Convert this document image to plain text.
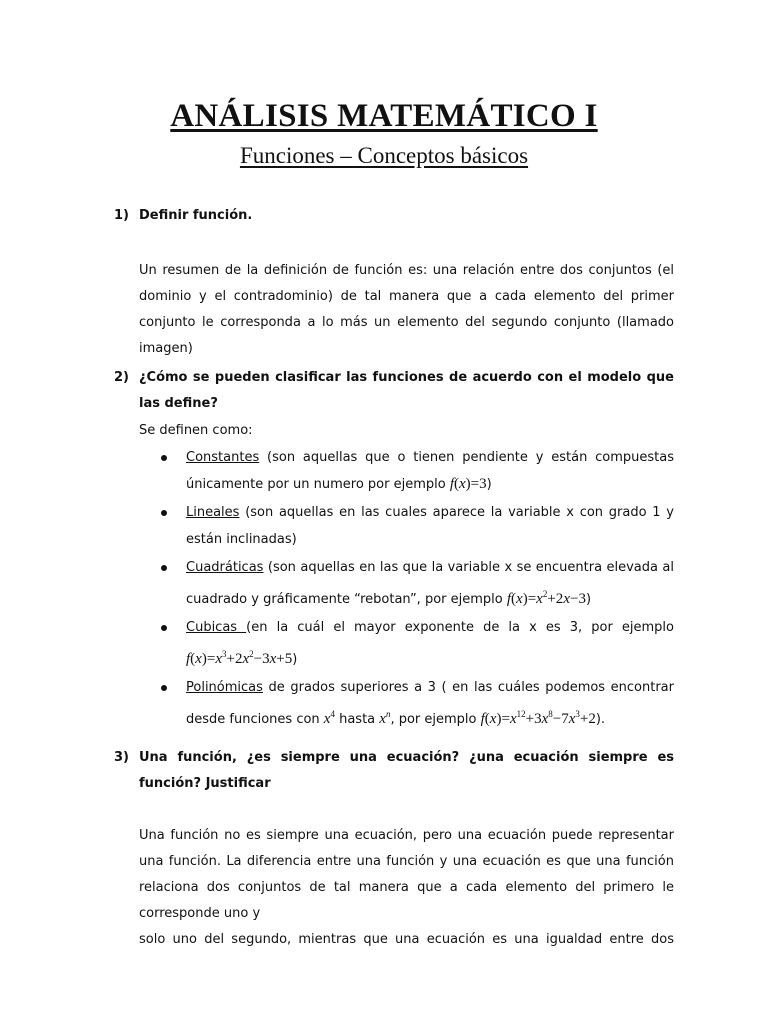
ANÁLISIS MATEMÁTICO I
Funciones – Conceptos básicos
1) Definir función.
Un resumen de la definición de función es: una relación entre dos conjuntos (el dominio y el contradominio) de tal manera que a cada elemento del primer conjunto le corresponda a lo más un elemento del segundo conjunto (llamado imagen)
2) ¿Cómo se pueden clasificar las funciones de acuerdo con el modelo que las define?
Se definen como:
Constantes (son aquellas que o tienen pendiente y están compuestas únicamente por un numero por ejemplo f(x)=3)
Lineales (son aquellas en las cuales aparece la variable x con grado 1 y están inclinadas)
Cuadráticas (son aquellas en las que la variable x se encuentra elevada al cuadrado y gráficamente “rebotan”, por ejemplo $f(x)=x^2+2x-3$)
Cubicas (en la cuál el mayor exponente de la x es 3, por ejemplo $f(x)=x^3+2x^2-3x+5$)
Polinómicas de grados superiores a 3 ( en las cuáles podemos encontrar desde funciones con $x^4$ hasta $x^n$, por ejemplo $f(x)=x^{12}+3x^8-7x^3+2$).
3) Una función, ¿es siempre una ecuación? ¿una ecuación siempre es función? Justificar
Una función no es siempre una ecuación, pero una ecuación puede representar una función. La diferencia entre una función y una ecuación es que una función relaciona dos conjuntos de tal manera que a cada elemento del primero le corresponde uno y
solo uno del segundo, mientras que una ecuación es una igualdad entre dos
